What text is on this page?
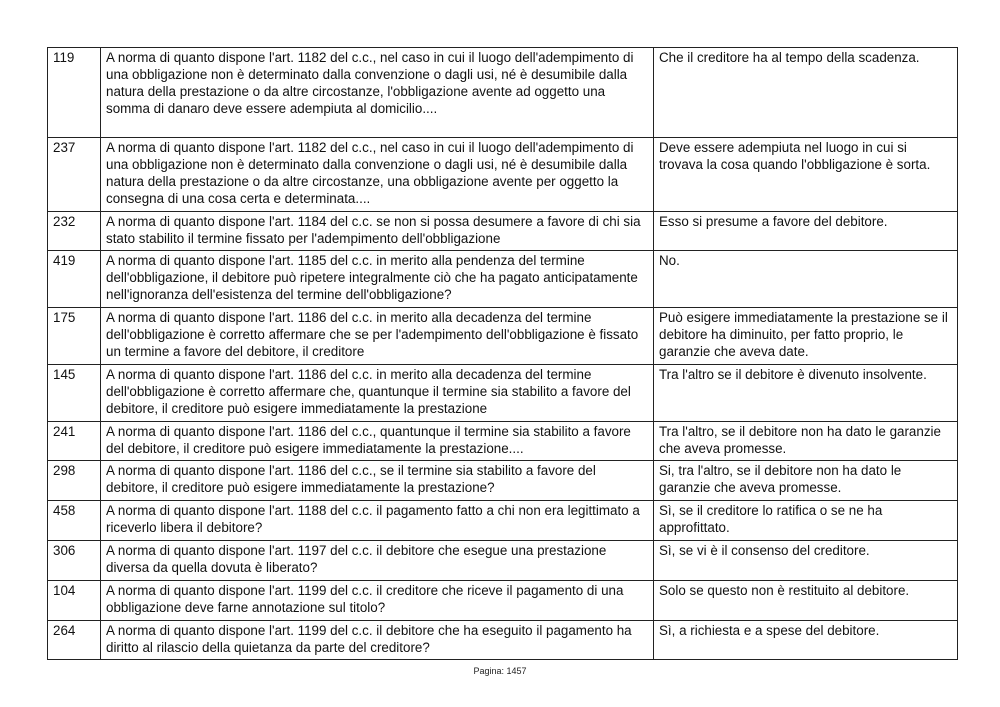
119	A norma di quanto dispone l'art. 1182 del c.c., nel caso in cui il luogo dell'adempimento di una obbligazione non è determinato dalla convenzione o dagli usi, né è desumibile dalla natura della prestazione o da altre circostanze, l'obbligazione avente ad oggetto una somma di danaro deve essere adempiuta al domicilio....	Che il creditore ha al tempo della scadenza.
237	A norma di quanto dispone l'art. 1182 del c.c., nel caso in cui il luogo dell'adempimento di una obbligazione non è determinato dalla convenzione o dagli usi, né è desumibile dalla natura della prestazione o da altre circostanze, una obbligazione avente per oggetto la consegna di una cosa certa e determinata....	Deve essere adempiuta nel luogo in cui si trovava la cosa quando l'obbligazione è sorta.
232	A norma di quanto dispone l'art. 1184 del c.c. se non si possa desumere a favore di chi sia stato stabilito il termine fissato per l'adempimento dell'obbligazione	Esso si presume a favore del debitore.
419	A norma di quanto dispone l'art. 1185 del c.c. in merito alla pendenza del termine dell'obbligazione, il debitore può ripetere integralmente ciò che ha pagato anticipatamente nell'ignoranza dell'esistenza del termine dell'obbligazione?	No.
175	A norma di quanto dispone l'art. 1186 del c.c. in merito alla decadenza del termine dell'obbligazione è corretto affermare che se per l'adempimento dell'obbligazione è fissato un termine a favore del debitore, il creditore	Può esigere immediatamente la prestazione se il debitore ha diminuito, per fatto proprio, le garanzie che aveva date.
145	A norma di quanto dispone l'art. 1186 del c.c. in merito alla decadenza del termine dell'obbligazione è corretto affermare che, quantunque il termine sia stabilito a favore del debitore, il creditore può esigere immediatamente la prestazione	Tra l'altro se il debitore è divenuto insolvente.
241	A norma di quanto dispone l'art. 1186 del c.c., quantunque il termine sia stabilito a favore del debitore, il creditore può esigere immediatamente la prestazione....	Tra l'altro, se il debitore non ha dato le garanzie che aveva promesse.
298	A norma di quanto dispone l'art. 1186 del c.c., se il termine sia stabilito a favore del debitore, il creditore può esigere immediatamente la prestazione?	Si, tra l'altro, se il debitore non ha dato le garanzie che aveva promesse.
458	A norma di quanto dispone l'art. 1188 del c.c. il pagamento fatto a chi non era legittimato a riceverlo libera il debitore?	Sì, se il creditore lo ratifica o se ne ha approfittato.
306	A norma di quanto dispone l'art. 1197 del c.c. il debitore che esegue una prestazione diversa da quella dovuta è liberato?	Sì, se vi è il consenso del creditore.
104	A norma di quanto dispone l'art. 1199 del c.c. il creditore che riceve il pagamento di una obbligazione deve farne annotazione sul titolo?	Solo se questo non è restituito al debitore.
264	A norma di quanto dispone l'art. 1199 del c.c. il debitore che ha eseguito il pagamento ha diritto al rilascio della quietanza da parte del creditore?	Sì, a richiesta e a spese del debitore.
Pagina: 1457
